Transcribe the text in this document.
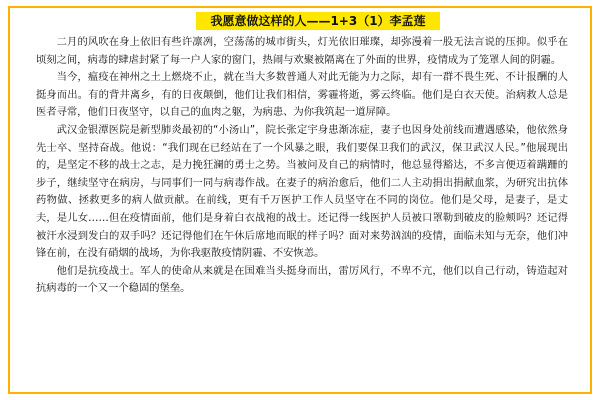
我愿意做这样的人——1+3（1）李孟莲

二月的风吹在身上依旧有些许凛冽，空荡荡的城市街头，灯光依旧璀璨，却弥漫着一股无法言说的压抑。似乎在顷刻之间，病毒的肆虐封紧了每一户人家的窗门，热闹与欢聚被隔离在了外面的世界，疫情成为了笼罩人间的阴霾。

当今，瘟疫在神州之土上燃烧不止，就在当大多数普通人对此无能为力之际，却有一群不畏生死、不计报酬的人挺身而出。有的背井离乡，有的日夜颠倒，他们让我们相信，雾霾将逝，雾云终临。他们是白衣天使。治病救人总是医者寻常，他们日夜坚守，以自己的血肉之躯，为病患、为你我筑起一道屏障。

武汉金银潭医院是新型肺炎最初的“小汤山”，院长张定宇身患渐冻症，妻子也因身处前线而遭遇感染，他依然身先士卒、坚持奋战。他说：“我们现在已经站在了一个风暴之眼，我们要保卫我们的武汉，保卫武汉人民。”他展现出的，是坚定不移的战士之志，是力挽狂澜的勇士之势。当被问及自己的病情时，他总显得豁达，不多言便迈着蹒跚的步子，继续坚守在病房，与同事们一同与病毒作战。在妻子的病治愈后，他们二人主动捐出捐献血浆，为研究出抗体药物做、拯救更多的病人做贡献。在前线，更有千万医护工作人员坚守在不同的岗位。他们是父母，是妻子，是丈夫，是儿女……但在疫情面前，他们是身着白衣战袍的战士。还记得一线医护人员被口罩勒到破皮的脸颊吗？还记得被汗水浸到发白的双手吗？还记得他们在午休后席地而眠的样子吗？面对来势汹汹的疫情，面临未知与无奈，他们冲锋在前，在没有硝烟的战场，为你我驱散疫情阴霾、不安恢恙。

他们是抗疫战士。军人的使命从来就是在国难当头挺身而出，雷厉风行，不卑不亢，他们以自己行动，铸造起对抗病毒的一个又一个稳固的堡垒。
